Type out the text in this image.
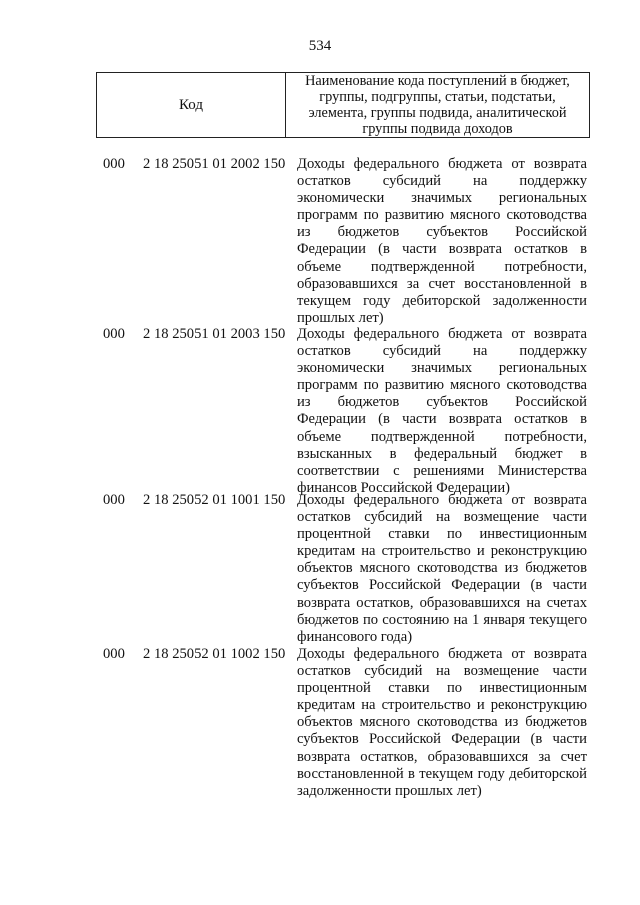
534
Код
Наименование кода поступлений в бюджет, группы, подгруппы, статьи, подстатьи, элемента, группы подвида, аналитической группы подвида доходов
000 2 18 25051 01 2002 150 Доходы федерального бюджета от возврата остатков субсидий на поддержку экономически значимых региональных программ по развитию мясного скотоводства из бюджетов субъектов Российской Федерации (в части возврата остатков в объеме подтвержденной потребности, образовавшихся за счет восстановленной в текущем году дебиторской задолженности прошлых лет)
000 2 18 25051 01 2003 150 Доходы федерального бюджета от возврата остатков субсидий на поддержку экономически значимых региональных программ по развитию мясного скотоводства из бюджетов субъектов Российской Федерации (в части возврата остатков в объеме подтвержденной потребности, взысканных в федеральный бюджет в соответствии с решениями Министерства финансов Российской Федерации)
000 2 18 25052 01 1001 150 Доходы федерального бюджета от возврата остатков субсидий на возмещение части процентной ставки по инвестиционным кредитам на строительство и реконструкцию объектов мясного скотоводства из бюджетов субъектов Российской Федерации (в части возврата остатков, образовавшихся на счетах бюджетов по состоянию на 1 января текущего финансового года)
000 2 18 25052 01 1002 150 Доходы федерального бюджета от возврата остатков субсидий на возмещение части процентной ставки по инвестиционным кредитам на строительство и реконструкцию объектов мясного скотоводства из бюджетов субъектов Российской Федерации (в части возврата остатков, образовавшихся за счет восстановленной в текущем году дебиторской задолженности прошлых лет)
